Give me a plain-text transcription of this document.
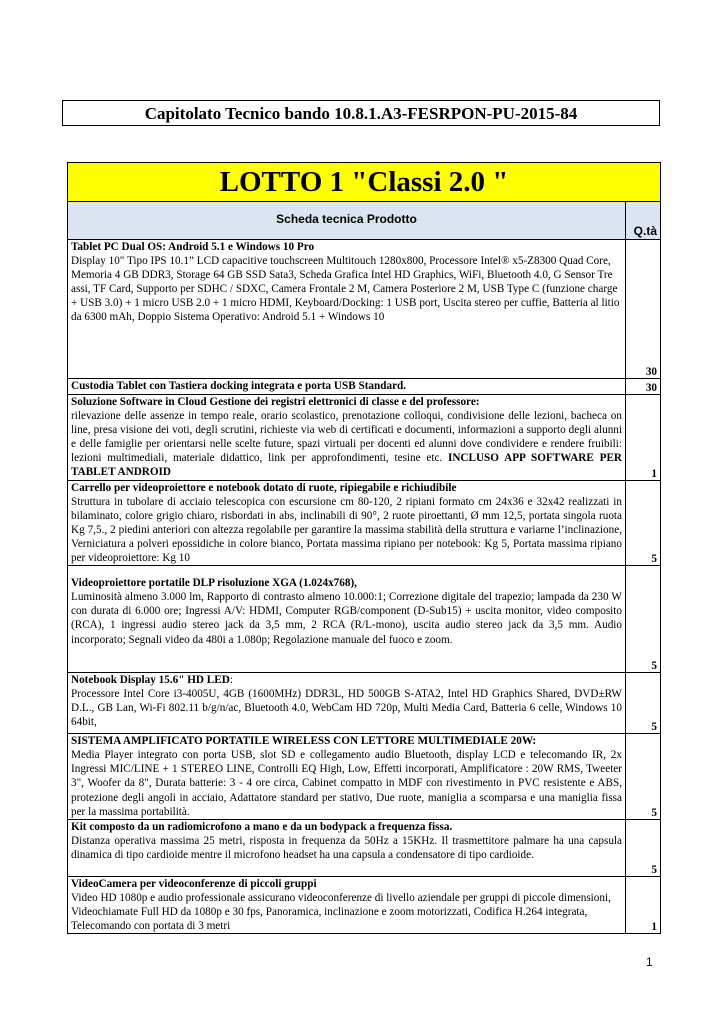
Capitolato Tecnico bando 10.8.1.A3-FESRPON-PU-2015-84
LOTTO 1 "Classi 2.0 "	
Scheda tecnica Prodotto	Q.tà
Tablet PC Dual OS: Android 5.1 e Windows 10 Pro
Display 10" Tipo IPS 10.1” LCD capacitive touchscreen Multitouch 1280x800, Processore Intel® x5-Z8300 Quad Core, Memoria 4 GB DDR3, Storage 64 GB SSD Sata3, Scheda Grafica Intel HD Graphics, WiFi, Bluetooth 4.0, G Sensor Tre assi, TF Card, Supporto per SDHC / SDXC, Camera Frontale 2 M, Camera Posteriore 2 M, USB Type C (funzione charge + USB 3.0) + 1 micro USB 2.0 + 1 micro HDMI, Keyboard/Docking: 1 USB port, Uscita stereo per cuffie, Batteria al litio da 6300 mAh, Doppio Sistema Operativo: Android 5.1 + Windows 10	30
Custodia Tablet con Tastiera docking integrata e porta USB Standard.	30
Soluzione Software in Cloud Gestione dei registri elettronici di classe e del professore:
rilevazione delle assenze in tempo reale, orario scolastico, prenotazione colloqui, condivisione delle lezioni, bacheca on line, presa visione dei voti, degli scrutini, richieste via web di certificati e documenti, informazioni a supporto degli alunni e delle famiglie per orientarsi nelle scelte future, spazi virtuali per docenti ed alunni dove condividere e rendere fruibili: lezioni multimediali, materiale didattico, link per approfondimenti, tesine etc. INCLUSO APP SOFTWARE PER TABLET ANDROID	1
Carrello per videoproiettore e notebook dotato di ruote, ripiegabile e richiudibile
Struttura in tubolare di acciaio telescopica con escursione cm 80-120, 2 ripiani formato cm 24x36 e 32x42 realizzati in bilaminato, colore grigio chiaro, risbordati in abs, inclinabili di 90°, 2 ruote piroettanti, Ø mm 12,5, portata singola ruota Kg 7,5., 2 piedini anteriori con altezza regolabile per garantire la massima stabilità della struttura e variarne l’inclinazione, Verniciatura a polveri epossidiche in colore bianco, Portata massima ripiano per notebook: Kg 5, Portata massima ripiano per videoproiettore: Kg 10	5
Videoproiettore portatile DLP risoluzione XGA (1.024x768),
Luminosità almeno 3.000 lm, Rapporto di contrasto almeno 10.000:1; Correzione digitale del trapezio; lampada da 230 W con durata di 6.000 ore; Ingressi A/V: HDMI, Computer RGB/component (D-Sub15) + uscita monitor, video composito (RCA), 1 ingressi audio stereo jack da 3,5 mm, 2 RCA (R/L-mono), uscita audio stereo jack da 3,5 mm. Audio incorporato; Segnali video da 480i a 1.080p; Regolazione manuale del fuoco e zoom.	5
Notebook Display 15.6" HD LED:
Processore Intel Core i3-4005U, 4GB (1600MHz) DDR3L, HD 500GB S-ATA2, Intel HD Graphics Shared, DVD±RW D.L., GB Lan, Wi-Fi 802.11 b/g/n/ac, Bluetooth 4.0, WebCam HD 720p, Multi Media Card, Batteria 6 celle, Windows 10 64bit,	5
SISTEMA AMPLIFICATO PORTATILE WIRELESS CON LETTORE MULTIMEDIALE 20W:
Media Player integrato con porta USB, slot SD e collegamento audio Bluetooth, display LCD e telecomando IR, 2x Ingressi MIC/LINE + 1 STEREO LINE, Controlli EQ High, Low, Effetti incorporati, Amplificatore : 20W RMS, Tweeter 3", Woofer da 8", Durata batterie: 3 - 4 ore circa, Cabinet compatto in MDF con rivestimento in PVC resistente e ABS, protezione degli angoli in acciaio, Adattatore standard per stativo, Due ruote, maniglia a scomparsa e una maniglia fissa per la massima portabilità.	5
Kit composto da un radiomicrofono a mano e da un bodypack a frequenza fissa.
Distanza operativa massima 25 metri, risposta in frequenza da 50Hz a 15KHz. Il trasmettitore palmare ha una capsula dinamica di tipo cardioide mentre il microfono headset ha una capsula a condensatore di tipo cardioide.	5
VideoCamera per videoconferenze di piccoli gruppi
Video HD 1080p e audio professionale assicurano videoconferenze di livello aziendale per gruppi di piccole dimensioni, Videochiamate Full HD da 1080p e 30 fps, Panoramica, inclinazione e zoom motorizzati, Codifica H.264 integrata, Telecomando con portata di 3 metri	1
1
